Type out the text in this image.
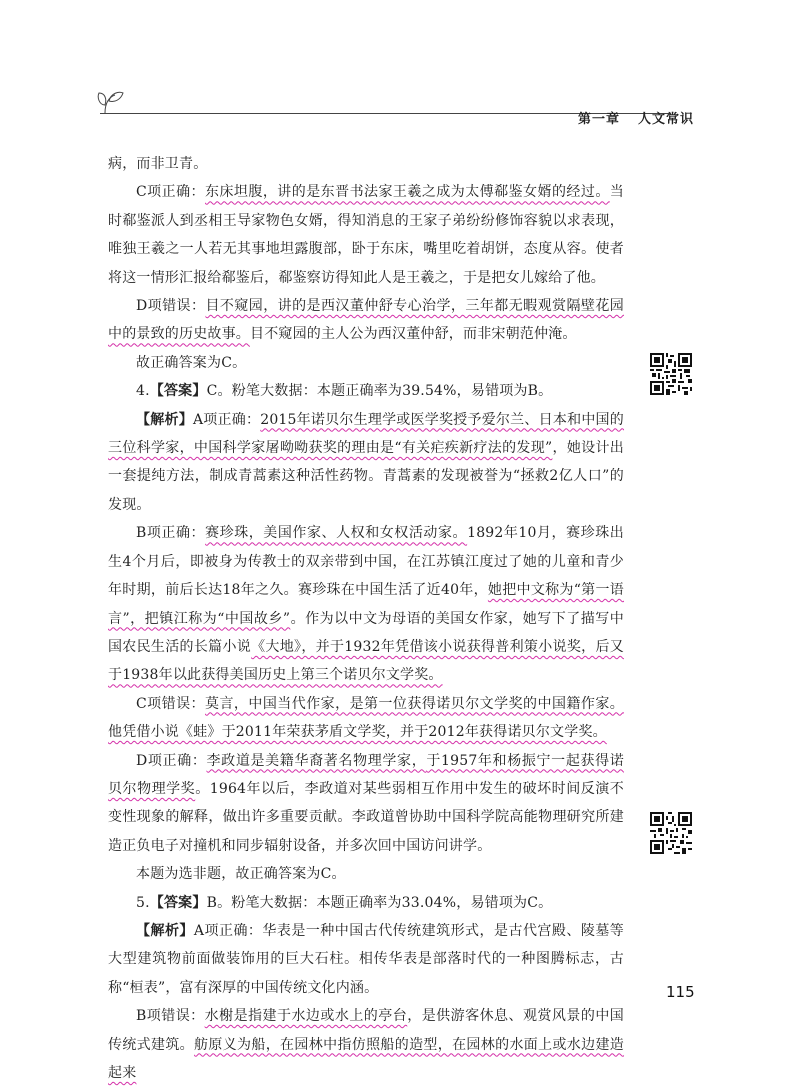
第一章 人文常识

病，而非卫青。

C项正确：东床坦腹，讲的是东晋书法家王羲之成为太傅郗鉴女婿的经过。当时郗鉴派人到丞相王导家物色女婿，得知消息的王家子弟纷纷修饰容貌以求表现，唯独王羲之一人若无其事地坦露腹部，卧于东床，嘴里吃着胡饼，态度从容。使者将这一情形汇报给郗鉴后，郗鉴察访得知此人是王羲之，于是把女儿嫁给了他。

D项错误：目不窥园，讲的是西汉董仲舒专心治学，三年都无暇观赏隔壁花园中的景致的历史故事。目不窥园的主人公为西汉董仲舒，而非宋朝范仲淹。

故正确答案为C。

4.【答案】C。粉笔大数据：本题正确率为39.54%，易错项为B。

【解析】A项正确：2015年诺贝尔生理学或医学奖授予爱尔兰、日本和中国的三位科学家，中国科学家屠呦呦获奖的理由是“有关疟疾新疗法的发现”，她设计出一套提纯方法，制成青蒿素这种活性药物。青蒿素的发现被誉为“拯救2亿人口”的发现。

B项正确：赛珍珠，美国作家、人权和女权活动家。1892年10月，赛珍珠出生4个月后，即被身为传教士的双亲带到中国，在江苏镇江度过了她的儿童和青少年时期，前后长达18年之久。赛珍珠在中国生活了近40年，她把中文称为“第一语言”，把镇江称为“中国故乡”。作为以中文为母语的美国女作家，她写下了描写中国农民生活的长篇小说《大地》，并于1932年凭借该小说获得普利策小说奖，后又于1938年以此获得美国历史上第三个诺贝尔文学奖。

C项错误：莫言，中国当代作家，是第一位获得诺贝尔文学奖的中国籍作家。他凭借小说《蛙》于2011年荣获茅盾文学奖，并于2012年获得诺贝尔文学奖。

D项正确：李政道是美籍华裔著名物理学家，于1957年和杨振宁一起获得诺贝尔物理学奖。1964年以后，李政道对某些弱相互作用中发生的破坏时间反演不变性现象的解释，做出许多重要贡献。李政道曾协助中国科学院高能物理研究所建造正负电子对撞机和同步辐射设备，并多次回中国访问讲学。

本题为选非题，故正确答案为C。

5.【答案】B。粉笔大数据：本题正确率为33.04%，易错项为C。

【解析】A项正确：华表是一种中国古代传统建筑形式，是古代宫殿、陵墓等大型建筑物前面做装饰用的巨大石柱。相传华表是部落时代的一种图腾标志，古称“桓表”，富有深厚的中国传统文化内涵。

B项错误：水榭是指建于水边或水上的亭台，是供游客休息、观赏风景的中国传统式建筑。舫原义为船，在园林中指仿照船的造型，在园林的水面上或水边建造起来

115
